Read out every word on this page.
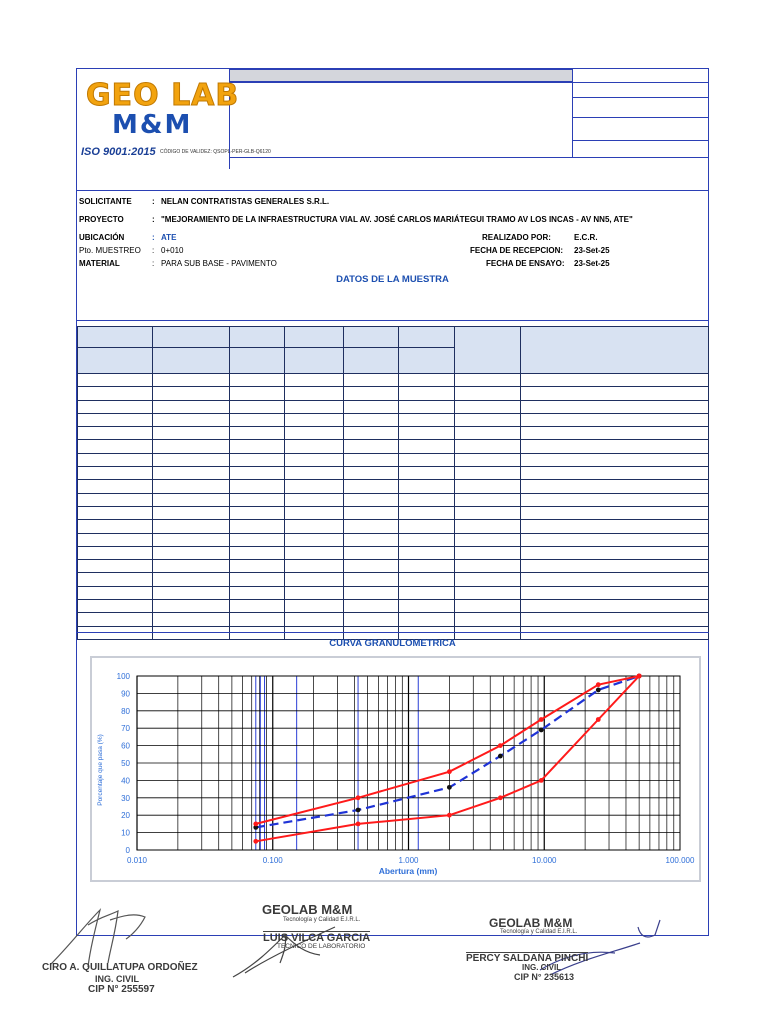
GEO LAB
M&M
ISO 9001:2015 CÓDIGO DE VALIDEZ: QSOPL-PER-GLB-Q6120
SOLICITANTE	: NELAN CONTRATISTAS GENERALES S.R.L.
PROYECTO	: "MEJORAMIENTO DE LA INFRAESTRUCTURA VIAL AV. JOSÉ CARLOS MARIÁTEGUI TRAMO AV LOS INCAS - AV NN5, ATE"
UBICACIÓN	: ATE
Pto. MUESTREO : 0+010
MATERIAL	: PARA SUB BASE - PAVIMENTO
REALIZADO POR:	E.C.R.
FECHA DE RECEPCION: 23-Set-25
FECHA DE ENSAYO: 23-Set-25
DATOS DE LA MUESTRA

CURVA GRANULOMETRICA
0
10
20
30
40
50
60
70
80
90
100
0.010	0.100	1.000	10.000	100.000
Porcentaje que pasa (%)
Abertura (mm)
CIRO A. QUILLATUPA ORDOÑEZ
ING. CIVIL
CIP N° 255597
GEOLAB M&M
Tecnología y Calidad E.I.R.L.
LUIS VILCA GARCIA
TECNICO DE LABORATORIO
GEOLAB M&M
Tecnología y Calidad E.I.R.L.
PERCY SALDAÑA PINCHI
ING. CIVIL
CIP N° 235613
